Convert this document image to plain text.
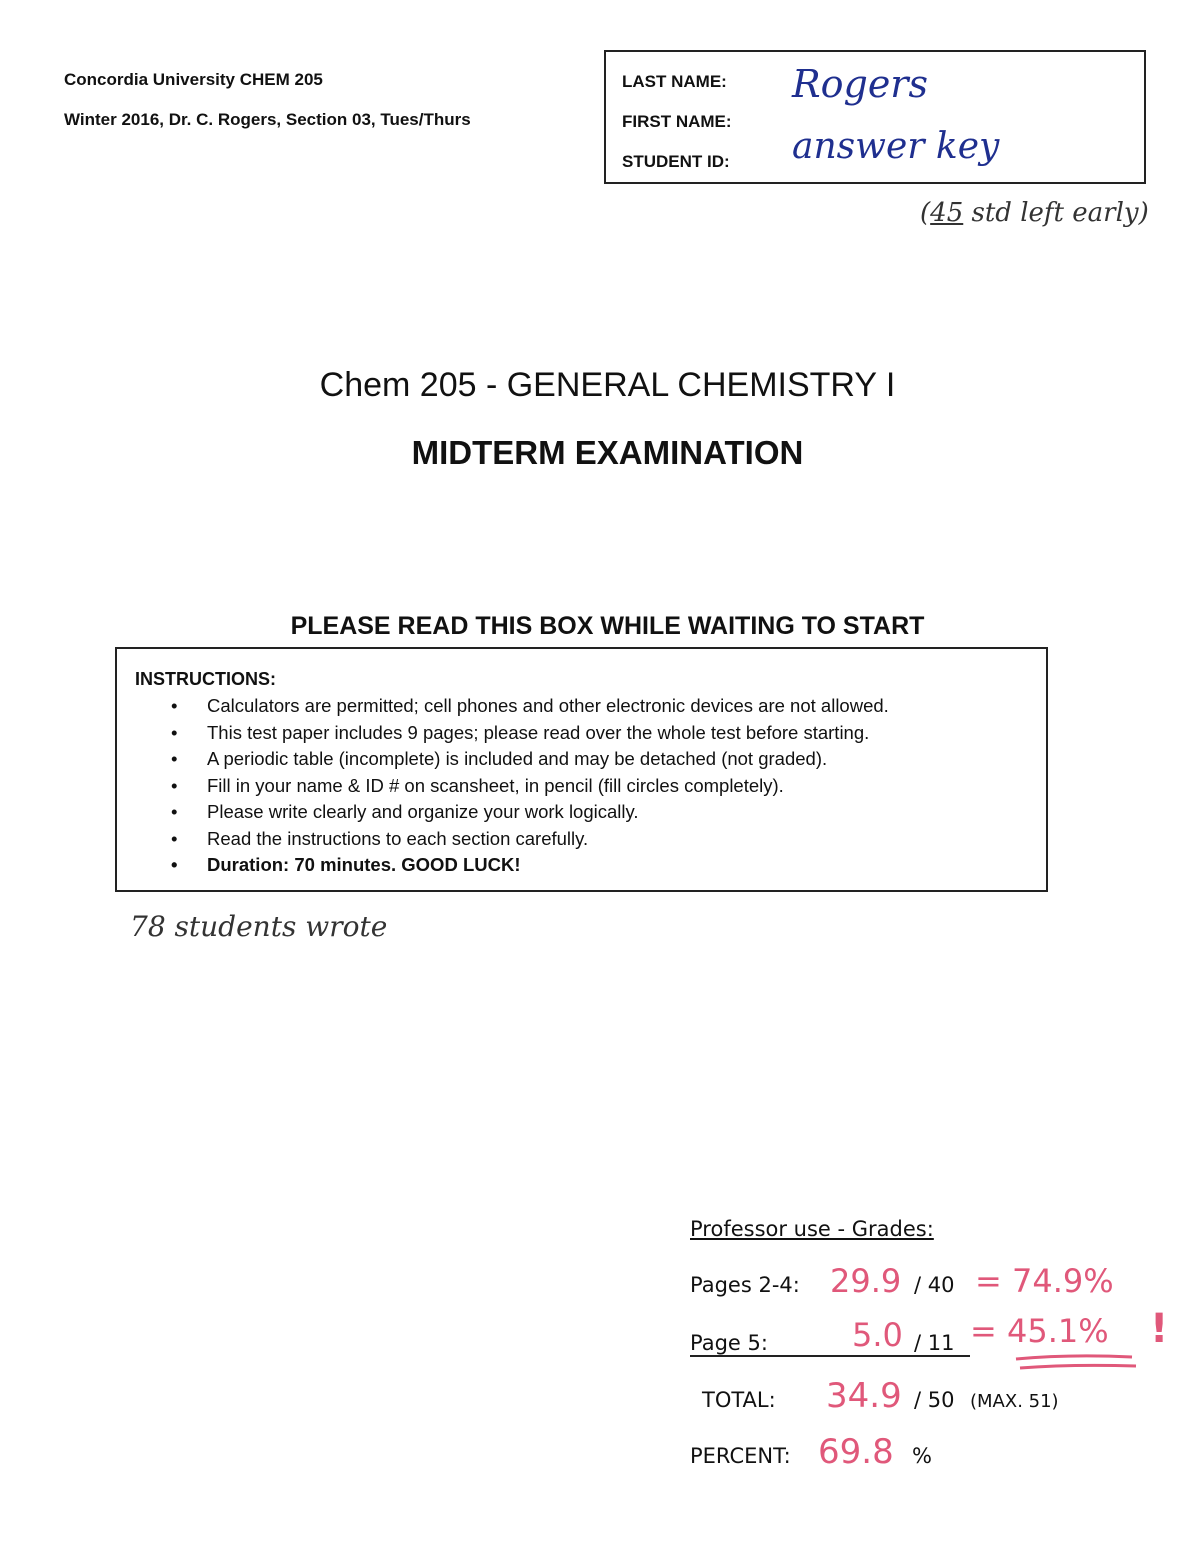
Concordia University CHEM 205
Winter 2016, Dr. C. Rogers, Section 03, Tues/Thurs
LAST NAME:
FIRST NAME:
STUDENT ID:
Rogers
answer key
(45 std left early)
Chem 205 - GENERAL CHEMISTRY I
MIDTERM EXAMINATION
PLEASE READ THIS BOX WHILE WAITING TO START
INSTRUCTIONS:
• Calculators are permitted; cell phones and other electronic devices are not allowed.
• This test paper includes 9 pages; please read over the whole test before starting.
• A periodic table (incomplete) is included and may be detached (not graded).
• Fill in your name & ID # on scansheet, in pencil (fill circles completely).
• Please write clearly and organize your work logically.
• Read the instructions to each section carefully.
• Duration: 70 minutes. GOOD LUCK!
78 students wrote
Professor use - Grades:
Pages 2-4: 29.9 / 40 = 74.9%
Page 5:	5.0 / 11 = 45.1% !
TOTAL: 34.9 / 50 (MAX. 51)
PERCENT: 69.8 %
